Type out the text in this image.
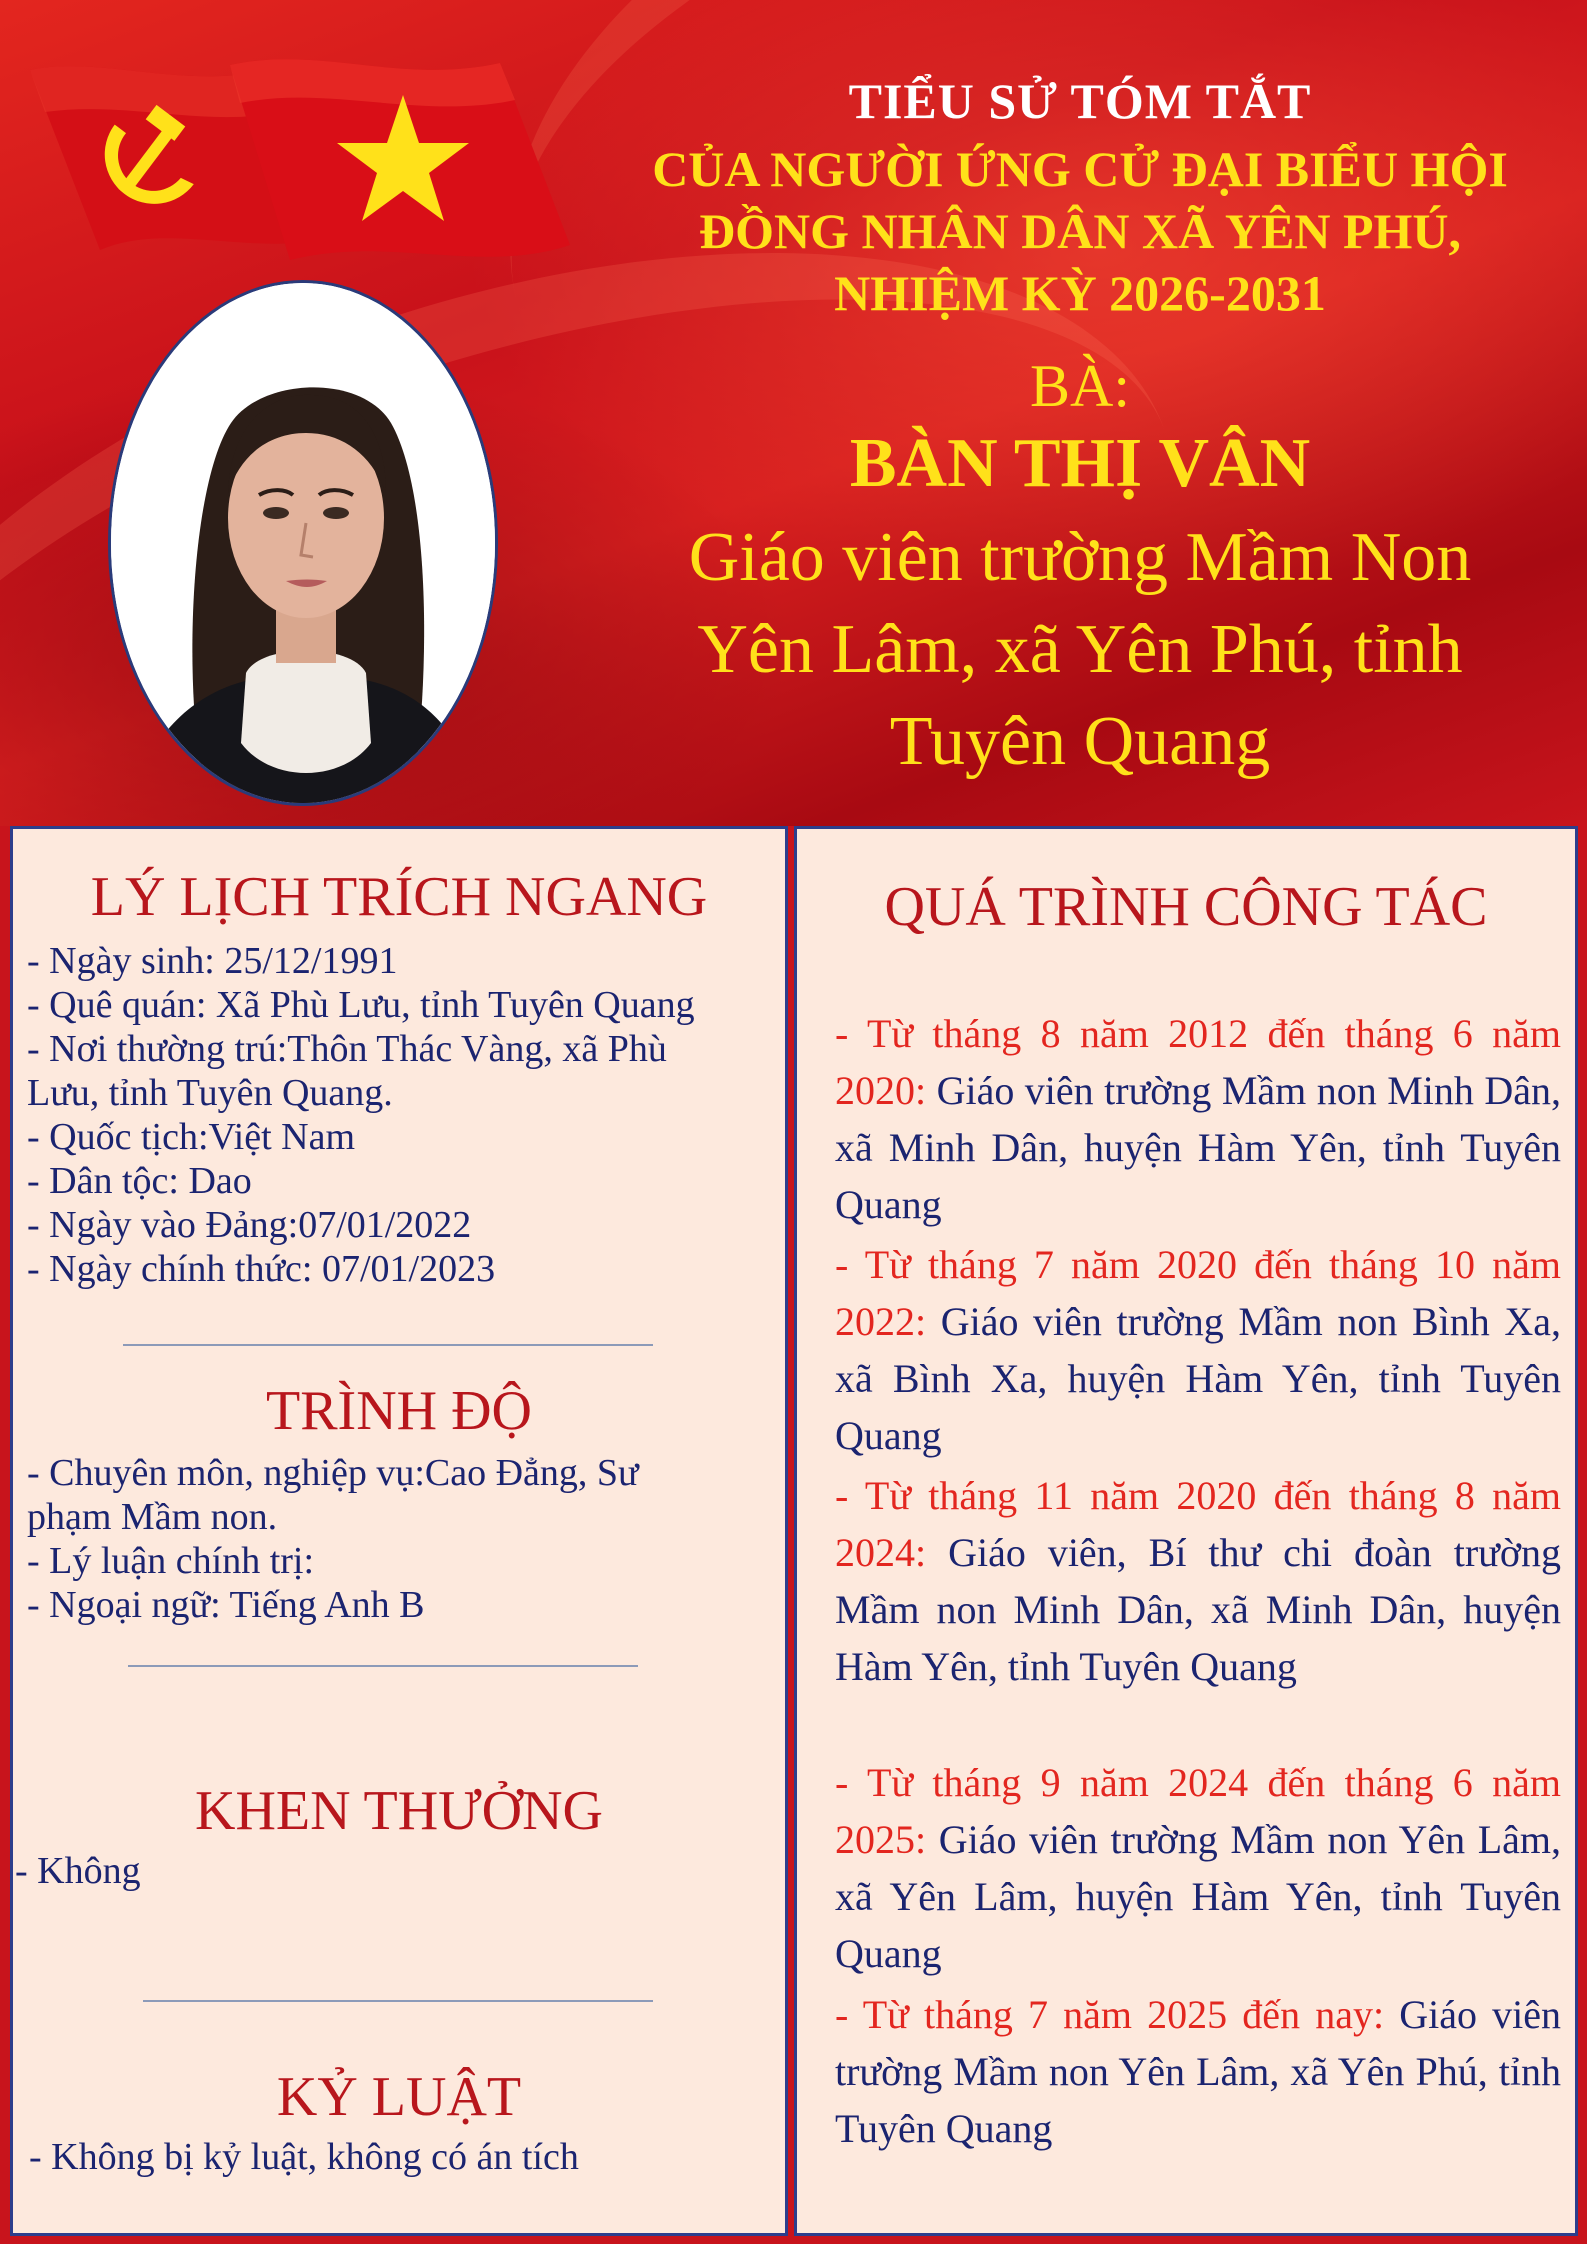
TIỂU SỬ TÓM TẮT
CỦA NGƯỜI ỨNG CỬ ĐẠI BIỂU HỘI
ĐỒNG NHÂN DÂN XÃ YÊN PHÚ,
NHIỆM KỲ 2026-2031
BÀ:
BÀN THỊ VÂN
Giáo viên trường Mầm Non
Yên Lâm, xã Yên Phú, tỉnh
Tuyên Quang
LÝ LỊCH TRÍCH NGANG
- Ngày sinh: 25/12/1991
- Quê quán: Xã Phù Lưu, tỉnh Tuyên Quang
- Nơi thường trú:Thôn Thác Vàng, xã Phù
Lưu, tỉnh Tuyên Quang.
- Quốc tịch:Việt Nam
- Dân tộc: Dao
- Ngày vào Đảng:07/01/2022
- Ngày chính thức: 07/01/2023
TRÌNH ĐỘ
- Chuyên môn, nghiệp vụ:Cao Đẳng, Sư
phạm Mầm non.
- Lý luận chính trị:
- Ngoại ngữ: Tiếng Anh B
KHEN THƯỞNG
- Không
KỶ LUẬT
- Không bị kỷ luật, không có án tích
QUÁ TRÌNH CÔNG TÁC
- Từ tháng 8 năm 2012 đến tháng 6 năm 2020: Giáo viên trường Mầm non Minh Dân, xã Minh Dân, huyện Hàm Yên, tỉnh Tuyên Quang
- Từ tháng 7 năm 2020 đến tháng 10 năm 2022: Giáo viên trường Mầm non Bình Xa, xã Bình Xa, huyện Hàm Yên, tỉnh Tuyên Quang
- Từ tháng 11 năm 2020 đến tháng 8 năm 2024: Giáo viên, Bí thư chi đoàn trường Mầm non Minh Dân, xã Minh Dân, huyện Hàm Yên, tỉnh Tuyên Quang
- Từ tháng 9 năm 2024 đến tháng 6 năm 2025: Giáo viên trường Mầm non Yên Lâm, xã Yên Lâm, huyện Hàm Yên, tỉnh Tuyên Quang
- Từ tháng 7 năm 2025 đến nay: Giáo viên trường Mầm non Yên Lâm, xã Yên Phú, tỉnh Tuyên Quang
